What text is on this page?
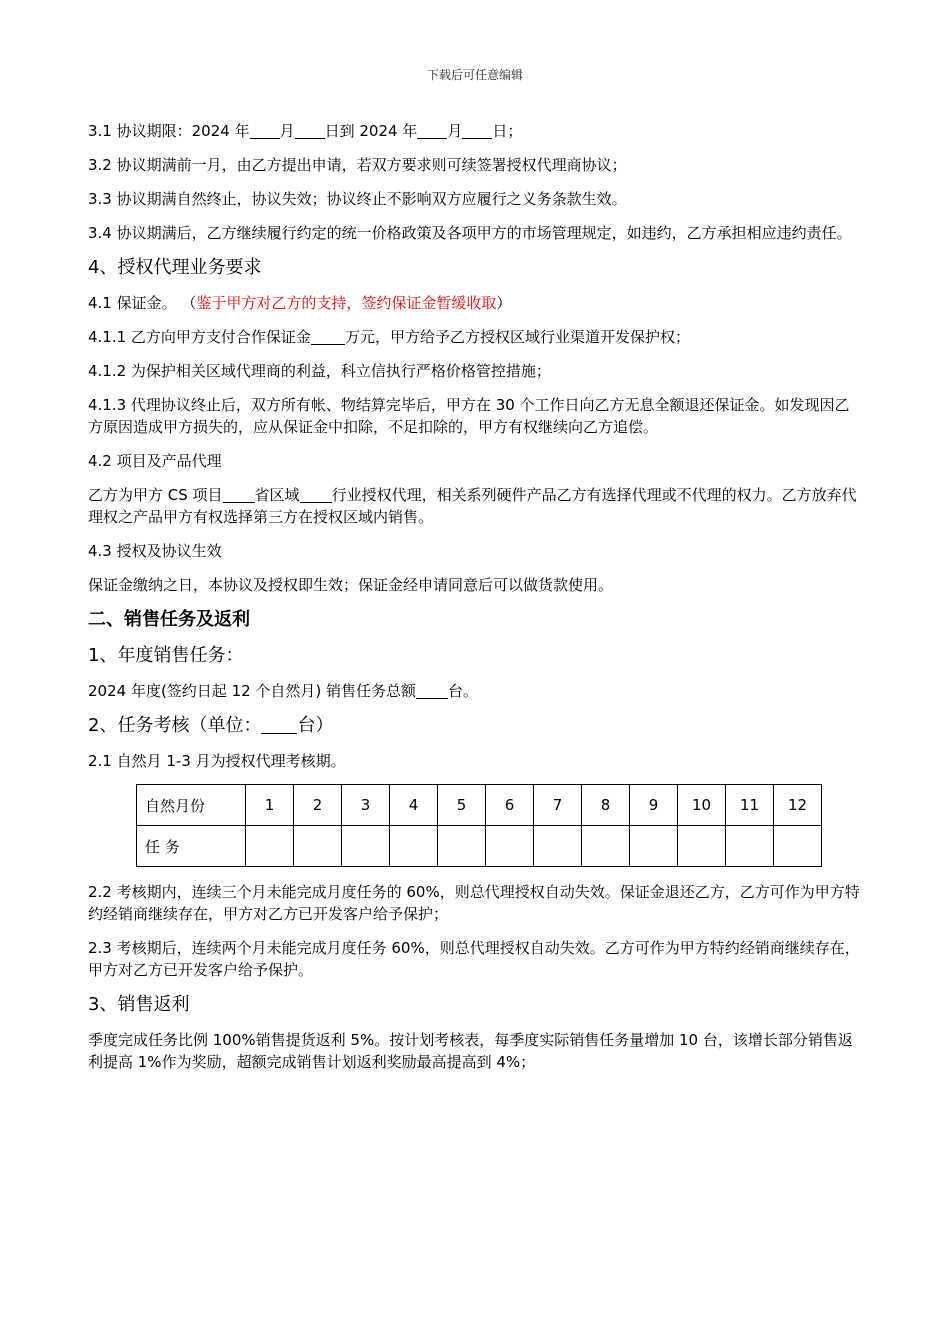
下载后可任意编辑
3.1 协议期限：2024 年 月 日到 2024 年 月 日；
3.2 协议期满前一月，由乙方提出申请，若双方要求则可续签署授权代理商协议；
3.3 协议期满自然终止，协议失效；协议终止不影响双方应履行之义务条款生效。
3.4 协议期满后，乙方继续履行约定的统一价格政策及各项甲方的市场管理规定，如违约，乙方承担相应违约责任。
4、授权代理业务要求
4.1 保证金。 （鉴于甲方对乙方的支持，签约保证金暂缓收取）
4.1.1 乙方向甲方支付合作保证金 万元，甲方给予乙方授权区域行业渠道开发保护权；
4.1.2 为保护相关区域代理商的利益，科立信执行严格价格管控措施；
4.1.3 代理协议终止后，双方所有帐、物结算完毕后，甲方在 30 个工作日向乙方无息全额退还保证金。如发现因乙方原因造成甲方损失的，应从保证金中扣除，不足扣除的，甲方有权继续向乙方追偿。
4.2 项目及产品代理
乙方为甲方 CS 项目 省区域 行业授权代理，相关系列硬件产品乙方有选择代理或不代理的权力。乙方放弃代理权之产品甲方有权选择第三方在授权区域内销售。
4.3 授权及协议生效
保证金缴纳之日，本协议及授权即生效；保证金经申请同意后可以做货款使用。
二、销售任务及返利
1、年度销售任务：
2024 年度(签约日起 12 个自然月) 销售任务总额 台。
2、任务考核（单位： 台）
2.1 自然月 1-3 月为授权代理考核期。
自然月份	1	2	3	4	5	6	7	8	9	10	11	12
任 务												
2.2 考核期内，连续三个月未能完成月度任务的 60%，则总代理授权自动失效。保证金退还乙方，乙方可作为甲方特约经销商继续存在，甲方对乙方已开发客户给予保护；
2.3 考核期后，连续两个月未能完成月度任务 60%，则总代理授权自动失效。乙方可作为甲方特约经销商继续存在，甲方对乙方已开发客户给予保护。
3、销售返利
季度完成任务比例 100%销售提货返利 5%。按计划考核表，每季度实际销售任务量增加 10 台，该增长部分销售返利提高 1%作为奖励，超额完成销售计划返利奖励最高提高到 4%；
